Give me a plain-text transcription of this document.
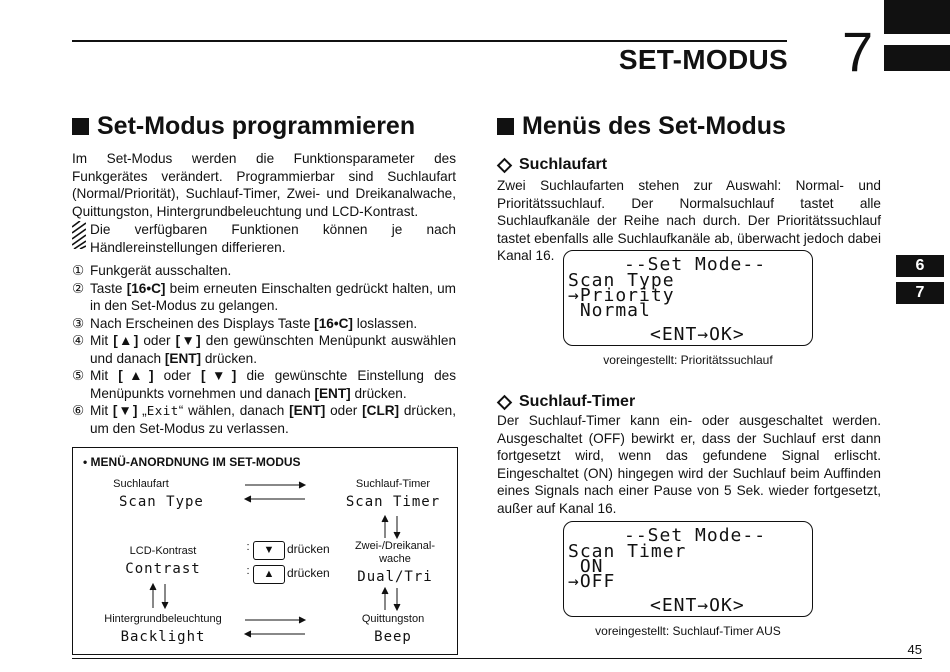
SET-MODUS 7
6
7
Set-Modus programmieren
Im Set-Modus werden die Funktionsparameter des Funkgerätes verändert. Programmierbar sind Suchlaufart (Normal/Priorität), Suchlauf-Timer, Zwei- und Dreikanalwache, Quittungston, Hintergrundbeleuchtung und LCD-Kontrast.
Die verfügbaren Funktionen können je nach Händlereinstellungen differieren.
① Funkgerät ausschalten.
② Taste [16•C] beim erneuten Einschalten gedrückt halten, um in den Set-Modus zu gelangen.
③ Nach Erscheinen des Displays Taste [16•C] loslassen.
④ Mit [▲] oder [▼] den gewünschten Menüpunkt auswählen und danach [ENT] drücken.
⑤ Mit [▲] oder [▼] die gewünschte Einstellung des Menüpunkts vornehmen und danach [ENT] drücken.
⑥ Mit [▼] „Exit“ wählen, danach [ENT] oder [CLR] drücken, um den Set-Modus zu verlassen.
• MENÜ-ANORDNUNG IM SET-MODUS
Suchlaufart
Scan Type
Suchlauf-Timer
Scan Timer
LCD-Kontrast
Contrast
Zwei-/Dreikanal-
wache
Dual/Tri
Hintergrundbeleuchtung
Backlight
Quittungston
Beep
:	▼	drücken
:	▲	drücken
Menüs des Set-Modus
Suchlaufart
Zwei Suchlaufarten stehen zur Auswahl: Normal- und Prioritätssuchlauf. Der Normalsuchlauf tastet alle Suchlaufkanäle der Reihe nach durch. Der Prioritätssuchlauf tastet ebenfalls alle Suchlaufkanäle ab, überwacht jedoch dabei Kanal 16.	--Set Mode--
Scan Type
→Priority
Normal
<ENT→OK>
voreingestellt: Prioritätssuchlauf
Suchlauf-Timer
Der Suchlauf-Timer kann ein- oder ausgeschaltet werden. Ausgeschaltet (OFF) bewirkt er, dass der Suchlauf erst dann fortgesetzt wird, wenn das gefundene Signal erlischt. Eingeschaltet (ON) hingegen wird der Suchlauf beim Auffinden eines Signals nach einer Pause von 5 Sek. wieder fortgesetzt, außer auf Kanal 16.
--Set Mode--
Scan Timer
ON
→OFF
<ENT→OK>
voreingestellt: Suchlauf-Timer AUS
45
